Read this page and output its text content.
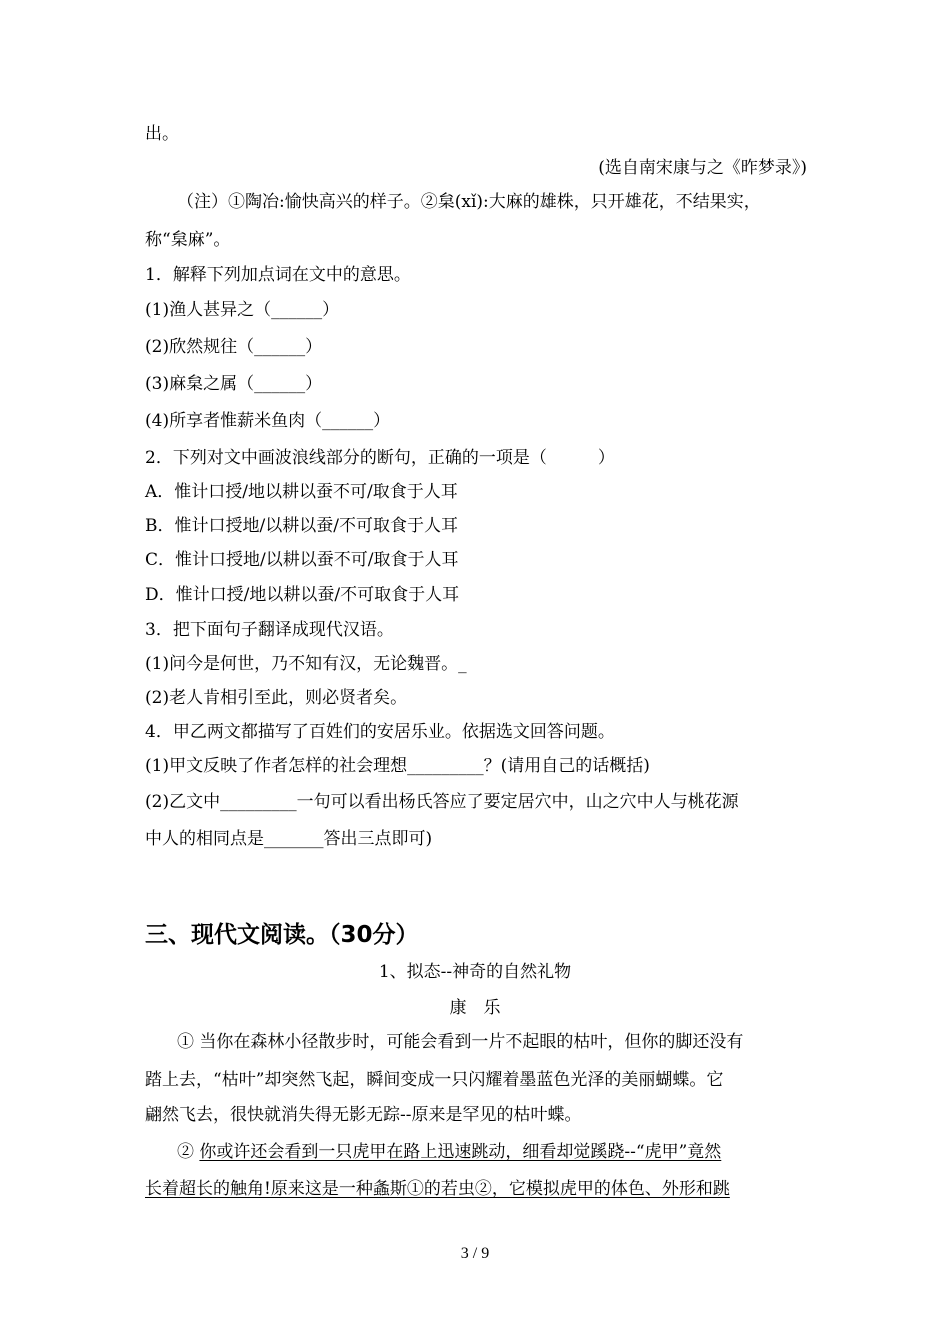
出。
(选自南宋康与之《昨梦录》)
（注）①陶冶:愉快高兴的样子。②枲(xǐ):大麻的雄株，只开雄花，不结果实，
称“枲麻”。
1．解释下列加点词在文中的意思。
(1)渔人甚异之（______）
(2)欣然规往（______）
(3)麻枲之属（______）
(4)所享者惟薪米鱼肉（______）
2．下列对文中画波浪线部分的断句，正确的一项是（　　　）
A．惟计口授/地以耕以蚕不可/取食于人耳
B．惟计口授地/以耕以蚕/不可取食于人耳
C．惟计口授地/以耕以蚕不可/取食于人耳
D．惟计口授/地以耕以蚕/不可取食于人耳
3．把下面句子翻译成现代汉语。
(1)问今是何世，乃不知有汉，无论魏晋。_
(2)老人肯相引至此，则必贤者矣。
4．甲乙两文都描写了百姓们的安居乐业。依据选文回答问题。
(1)甲文反映了作者怎样的社会理想_________？(请用自己的话概括)
(2)乙文中_________一句可以看出杨氏答应了要定居穴中，山之穴中人与桃花源
中人的相同点是_______答出三点即可)
三、现代文阅读。（30分）
1、拟态--神奇的自然礼物
康　乐
① 当你在森林小径散步时，可能会看到一片不起眼的枯叶，但你的脚还没有
踏上去，“枯叶”却突然飞起，瞬间变成一只闪耀着墨蓝色光泽的美丽蝴蝶。它
翩然飞去，很快就消失得无影无踪--原来是罕见的枯叶蝶。
② 你或许还会看到一只虎甲在路上迅速跳动，细看却觉蹊跷--“虎甲”竟然
长着超长的触角!原来这是一种螽斯①的若虫②，它模拟虎甲的体色、外形和跳
3 / 9
